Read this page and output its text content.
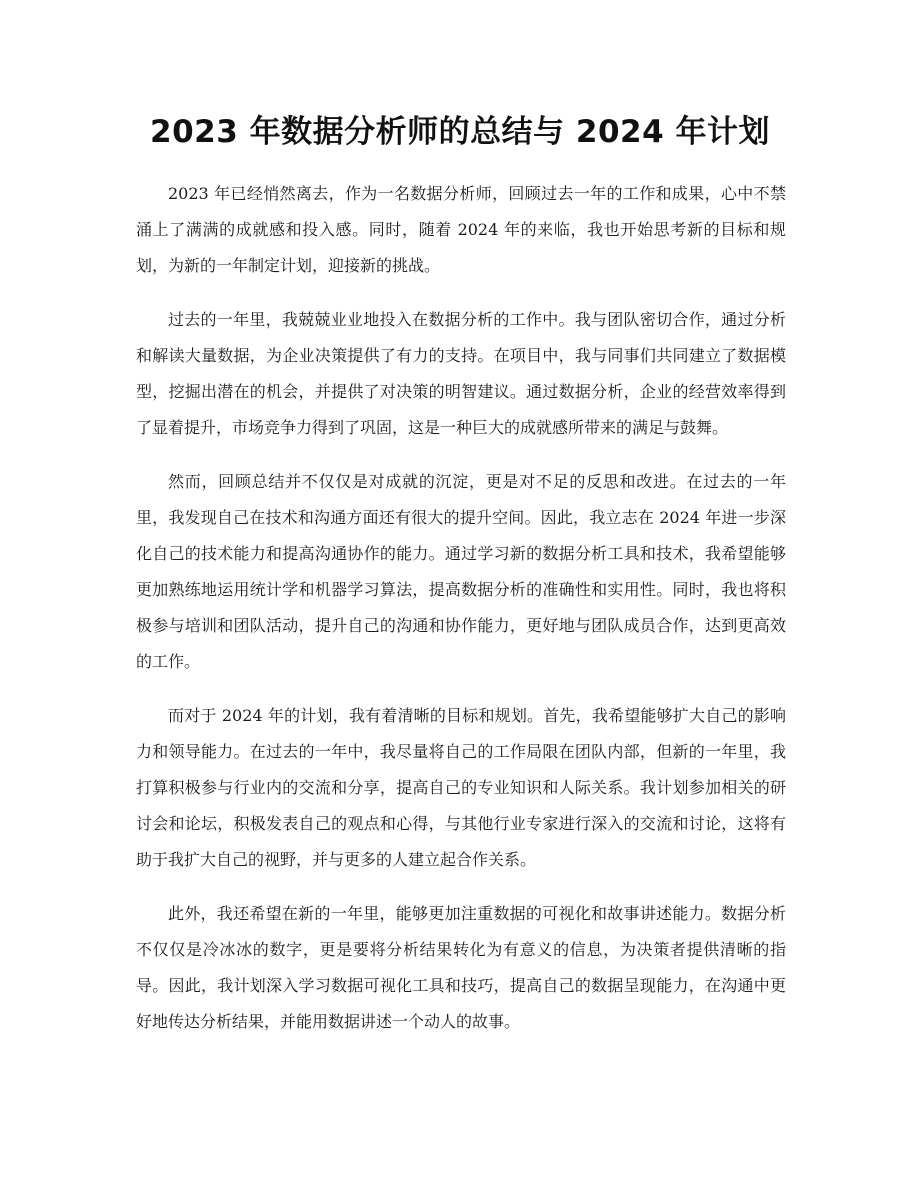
2023 年数据分析师的总结与 2024 年计划

2023 年已经悄然离去，作为一名数据分析师，回顾过去一年的工作和成果，心中不禁涌上了满满的成就感和投入感。同时，随着 2024 年的来临，我也开始思考新的目标和规划，为新的一年制定计划，迎接新的挑战。

过去的一年里，我兢兢业业地投入在数据分析的工作中。我与团队密切合作，通过分析和解读大量数据，为企业决策提供了有力的支持。在项目中，我与同事们共同建立了数据模型，挖掘出潜在的机会，并提供了对决策的明智建议。通过数据分析，企业的经营效率得到了显着提升，市场竞争力得到了巩固，这是一种巨大的成就感所带来的满足与鼓舞。

然而，回顾总结并不仅仅是对成就的沉淀，更是对不足的反思和改进。在过去的一年里，我发现自己在技术和沟通方面还有很大的提升空间。因此，我立志在 2024 年进一步深化自己的技术能力和提高沟通协作的能力。通过学习新的数据分析工具和技术，我希望能够更加熟练地运用统计学和机器学习算法，提高数据分析的准确性和实用性。同时，我也将积极参与培训和团队活动，提升自己的沟通和协作能力，更好地与团队成员合作，达到更高效的工作。

而对于 2024 年的计划，我有着清晰的目标和规划。首先，我希望能够扩大自己的影响力和领导能力。在过去的一年中，我尽量将自己的工作局限在团队内部，但新的一年里，我打算积极参与行业内的交流和分享，提高自己的专业知识和人际关系。我计划参加相关的研讨会和论坛，积极发表自己的观点和心得，与其他行业专家进行深入的交流和讨论，这将有助于我扩大自己的视野，并与更多的人建立起合作关系。

此外，我还希望在新的一年里，能够更加注重数据的可视化和故事讲述能力。数据分析不仅仅是冷冰冰的数字，更是要将分析结果转化为有意义的信息，为决策者提供清晰的指导。因此，我计划深入学习数据可视化工具和技巧，提高自己的数据呈现能力，在沟通中更好地传达分析结果，并能用数据讲述一个动人的故事。
